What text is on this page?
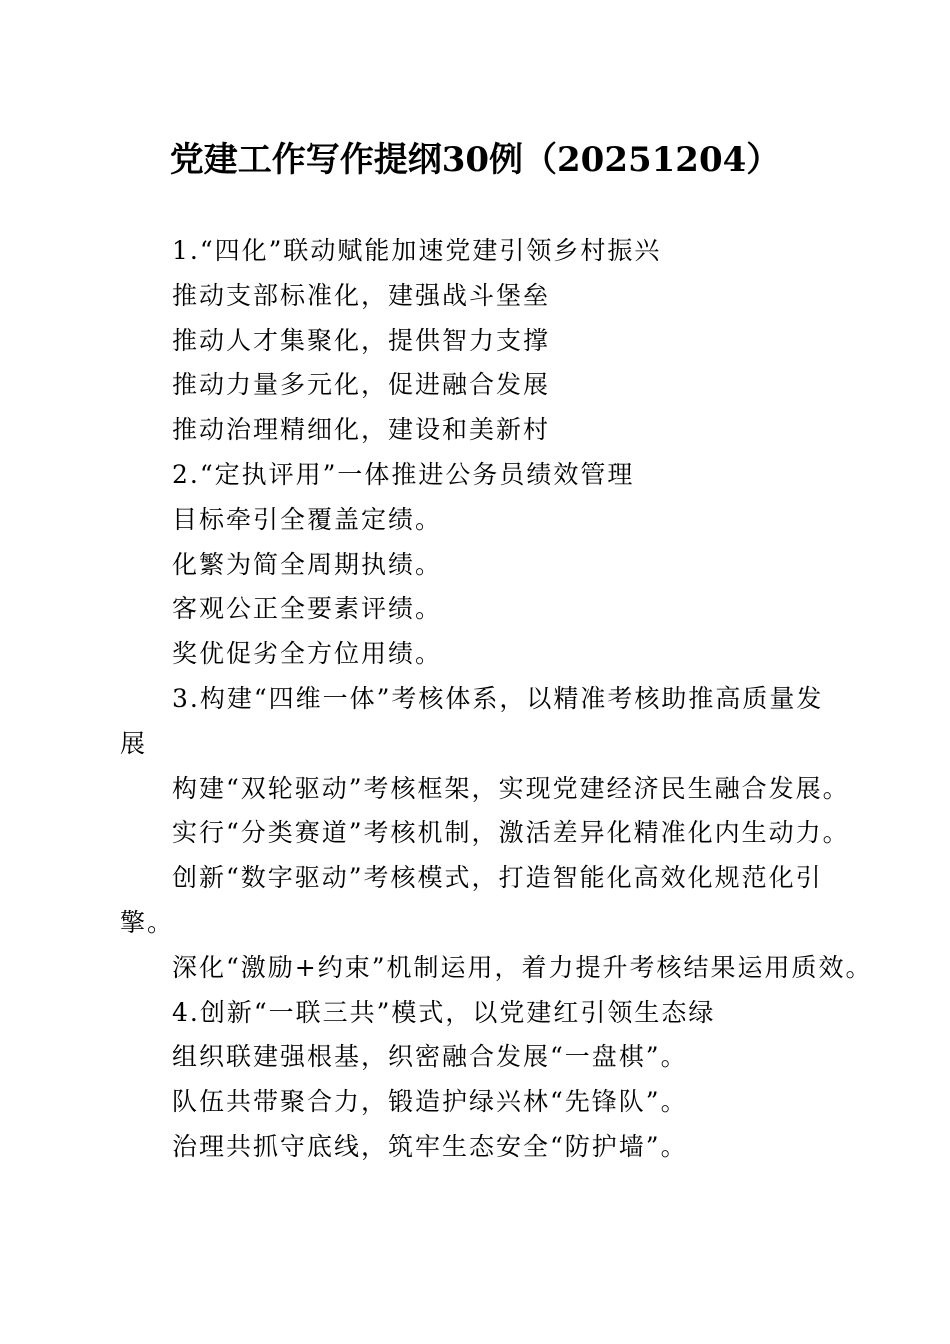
党建工作写作提纲30例（20251204）

1.“四化”联动赋能加速党建引领乡村振兴

推动支部标准化，建强战斗堡垒

推动人才集聚化，提供智力支撑

推动力量多元化，促进融合发展

推动治理精细化，建设和美新村

2.“定执评用”一体推进公务员绩效管理

目标牵引全覆盖定绩。

化繁为简全周期执绩。

客观公正全要素评绩。

奖优促劣全方位用绩。

3.构建“四维一体”考核体系，以精准考核助推高质量发展

构建“双轮驱动”考核框架，实现党建经济民生融合发展。

实行“分类赛道”考核机制，激活差异化精准化内生动力。

创新“数字驱动”考核模式，打造智能化高效化规范化引擎。

深化“激励+约束”机制运用，着力提升考核结果运用质效。

4.创新“一联三共”模式，以党建红引领生态绿

组织联建强根基，织密融合发展“一盘棋”。

队伍共带聚合力，锻造护绿兴林“先锋队”。

治理共抓守底线，筑牢生态安全“防护墙”。
